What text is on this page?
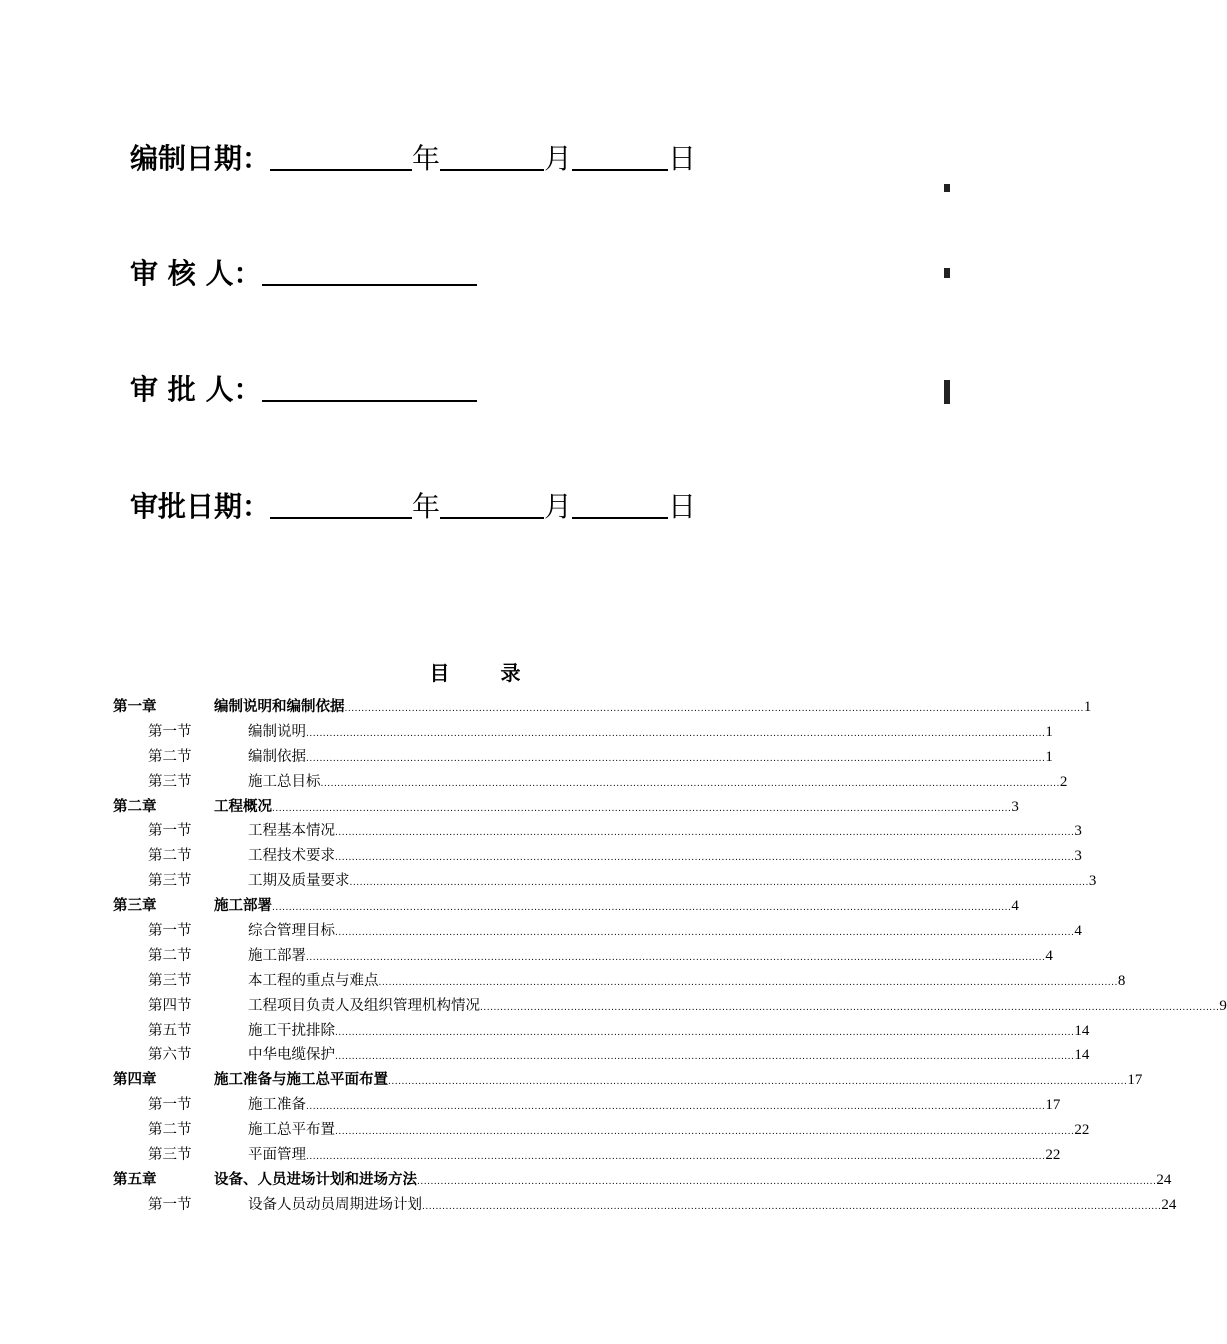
编制日期：	年	月	日
审 核 人：
审 批 人：
审批日期：	年	月	日
目 录
第一章	编制说明和编制依据 ............................................................................................................................................................................................................................ 1
第一节	编制说明 ............................................................................................................................................................................................................................ 1
第二节	编制依据 ............................................................................................................................................................................................................................ 1
第三节	施工总目标 ............................................................................................................................................................................................................................ 2
第二章	工程概况 ............................................................................................................................................................................................................................ 3
第一节	工程基本情况 ............................................................................................................................................................................................................................ 3
第二节	工程技术要求 ............................................................................................................................................................................................................................ 3
第三节	工期及质量要求 ............................................................................................................................................................................................................................ 3
第三章	施工部署 ............................................................................................................................................................................................................................ 4
第一节	综合管理目标 ............................................................................................................................................................................................................................ 4
第二节	施工部署 ............................................................................................................................................................................................................................ 4
第三节	本工程的重点与难点 ............................................................................................................................................................................................................................ 8
第四节	工程项目负责人及组织管理机构情况 ............................................................................................................................................................................................................................ 9
第五节	施工干扰排除 ............................................................................................................................................................................................................................ 14
第六节	中华电缆保护 ............................................................................................................................................................................................................................ 14
第四章	施工准备与施工总平面布置 ............................................................................................................................................................................................................................ 17
第一节	施工准备 ............................................................................................................................................................................................................................ 17
第二节	施工总平布置 ............................................................................................................................................................................................................................ 22
第三节	平面管理 ............................................................................................................................................................................................................................ 22
第五章	设备、人员进场计划和进场方法 ............................................................................................................................................................................................................................ 24
第一节	设备人员动员周期进场计划 ............................................................................................................................................................................................................................ 24
